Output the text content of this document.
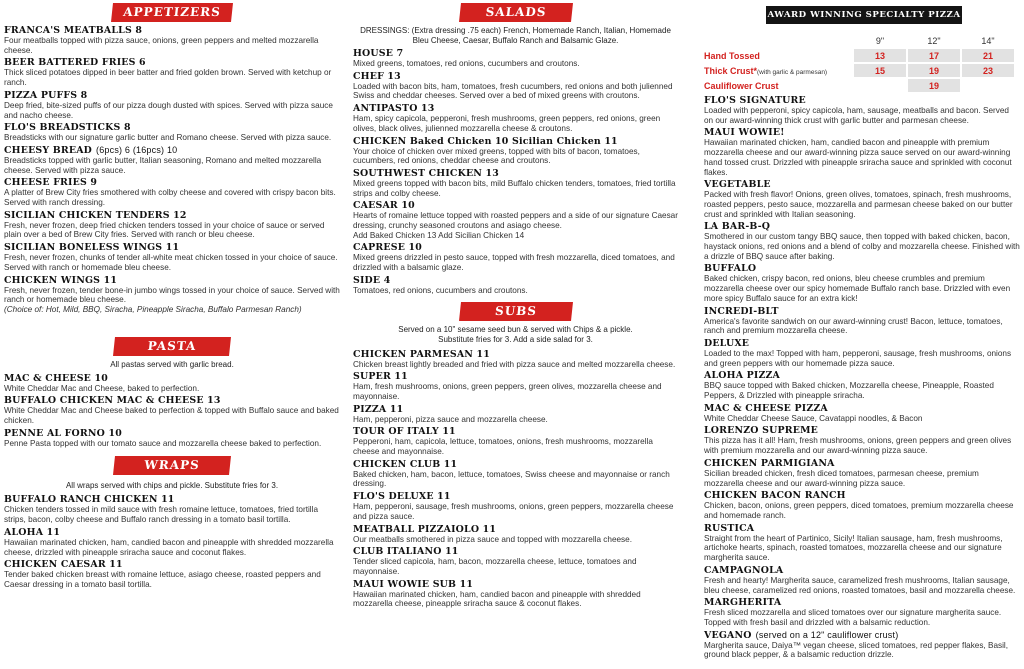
APPETIZERS
FRANCA'S MEATBALLS 8
Four meatballs topped with pizza sauce, onions, green peppers and melted mozzarella cheese.
BEER BATTERED FRIES 6
Thick sliced potatoes dipped in beer batter and fried golden brown. Served with ketchup or ranch.
PIZZA PUFFS 8
Deep fried, bite-sized puffs of our pizza dough dusted with spices. Served with pizza sauce and nacho cheese.
FLO'S BREADSTICKS 8
Breadsticks with our signature garlic butter and Romano cheese. Served with pizza sauce.
CHEESY BREAD (6pcs) 6 (16pcs) 10
Breadsticks topped with garlic butter, Italian seasoning, Romano and melted mozzarella cheese. Served with pizza sauce.
CHEESE FRIES 9
A platter of Brew City fries smothered with colby cheese and covered with crispy bacon bits. Served with ranch dressing.
SICILIAN CHICKEN TENDERS 12
Fresh, never frozen, deep fried chicken tenders tossed in your choice of sauce or served plain over a bed of Brew City fries. Served with ranch or bleu cheese.
SICILIAN BONELESS WINGS 11
Fresh, never frozen, chunks of tender all-white meat chicken tossed in your choice of sauce. Served with ranch or homemade bleu cheese.
CHICKEN WINGS 11
Fresh, never frozen, tender bone-in jumbo wings tossed in your choice of sauce. Served with ranch or homemade bleu cheese.
(Choice of: Hot, Mild, BBQ, Siracha, Pineapple Siracha, Buffalo Parmesan Ranch)
PASTA
All pastas served with garlic bread.
MAC & CHEESE 10
White Cheddar Mac and Cheese, baked to perfection.
BUFFALO CHICKEN MAC & CHEESE 13
White Cheddar Mac and Cheese baked to perfection & topped with Buffalo sauce and baked chicken.
PENNE AL FORNO 10
Penne Pasta topped with our tomato sauce and mozzarella cheese baked to perfection.
WRAPS
All wraps served with chips and pickle. Substitute fries for 3.
BUFFALO RANCH CHICKEN 11
Chicken tenders tossed in mild sauce with fresh romaine lettuce, tomatoes, fried tortilla strips, bacon, colby cheese and Buffalo ranch dressing in a tomato basil tortilla.
ALOHA 11
Hawaiian marinated chicken, ham, candied bacon and pineapple with shredded mozzarella cheese, drizzled with pineapple sriracha sauce and coconut flakes.
CHICKEN CAESAR 11
Tender baked chicken breast with romaine lettuce, asiago cheese, roasted peppers and Caesar dressing in a tomato basil tortilla.
SALADS
DRESSINGS: (Extra dressing .75 each) French, Homemade Ranch, Italian, Homemade Bleu Cheese, Caesar, Buffalo Ranch and Balsamic Glaze.
HOUSE 7
Mixed greens, tomatoes, red onions, cucumbers and croutons.
CHEF 13
Loaded with bacon bits, ham, tomatoes, fresh cucumbers, red onions and both julienned Swiss and cheddar cheeses. Served over a bed of mixed greens with croutons.
ANTIPASTO 13
Ham, spicy capicola, pepperoni, fresh mushrooms, green peppers, red onions, green olives, black olives, julienned mozzarella cheese & croutons.
CHICKEN Baked Chicken 10 Sicilian Chicken 11
Your choice of chicken over mixed greens, topped with bits of bacon, tomatoes, cucumbers, red onions, cheddar cheese and croutons.
SOUTHWEST CHICKEN 13
Mixed greens topped with bacon bits, mild Buffalo chicken tenders, tomatoes, fried tortilla strips and colby cheese.
CAESAR 10
Hearts of romaine lettuce topped with roasted peppers and a side of our signature Caesar dressing, crunchy seasoned croutons and asiago cheese.
Add Baked Chicken 13 Add Sicilian Chicken 14
CAPRESE 10
Mixed greens drizzled in pesto sauce, topped with fresh mozzarella, diced tomatoes, and drizzled with a balsamic glaze.
SIDE 4
Tomatoes, red onions, cucumbers and croutons.
SUBS
Served on a 10" sesame seed bun & served with Chips & a pickle. Substitute fries for 3. Add a side salad for 3.
CHICKEN PARMESAN 11
Chicken breast lightly breaded and fried with pizza sauce and melted mozzarella cheese.
SUPER 11
Ham, fresh mushrooms, onions, green peppers, green olives, mozzarella cheese and mayonnaise.
PIZZA 11
Ham, pepperoni, pizza sauce and mozzarella cheese.
TOUR OF ITALY 11
Pepperoni, ham, capicola, lettuce, tomatoes, onions, fresh mushrooms, mozzarella cheese and mayonnaise.
CHICKEN CLUB 11
Baked chicken, ham, bacon, lettuce, tomatoes, Swiss cheese and mayonnaise or ranch dressing.
FLO'S DELUXE 11
Ham, pepperoni, sausage, fresh mushrooms, onions, green peppers, mozzarella cheese and pizza sauce.
MEATBALL PIZZAIOLO 11
Our meatballs smothered in pizza sauce and topped with mozzarella cheese.
CLUB ITALIANO 11
Tender sliced capicola, ham, bacon, mozzarella cheese, lettuce, tomatoes and mayonnaise.
MAUI WOWIE SUB 11
Hawaiian marinated chicken, ham, candied bacon and pineapple with shredded mozzarella cheese, pineapple sriracha sauce & coconut flakes.
AWARD WINNING SPECIALTY PIZZA
	9"	12"	14"
Hand Tossed	13	17	21
Thick Crust*(with garlic & parmesan)	15	19	23
Cauliflower Crust		19	
FLO'S SIGNATURE
Loaded with pepperoni, spicy capicola, ham, sausage, meatballs and bacon. Served on our award-winning thick crust with garlic butter and parmesan cheese.
MAUI WOWIE!
Hawaiian marinated chicken, ham, candied bacon and pineapple with premium mozzarella cheese and our award-winning pizza sauce served on our award-winning hand tossed crust. Drizzled with pineapple sriracha sauce and sprinkled with coconut flakes.
VEGETABLE
Packed with fresh flavor! Onions, green olives, tomatoes, spinach, fresh mushrooms, roasted peppers, pesto sauce, mozzarella and parmesan cheese baked on our butter crust and sprinkled with Italian seasoning.
LA BAR-B-Q
Smothered in our custom tangy BBQ sauce, then topped with baked chicken, bacon, haystack onions, red onions and a blend of colby and mozzarella cheese. Finished with a drizzle of BBQ sauce after baking.
BUFFALO
Baked chicken, crispy bacon, red onions, bleu cheese crumbles and premium mozzarella cheese over our spicy homemade Buffalo ranch base. Drizzled with even more spicy Buffalo sauce for an extra kick!
INCREDI-BLT
America's favorite sandwich on our award-winning crust! Bacon, lettuce, tomatoes, ranch and premium mozzarella cheese.
DELUXE
Loaded to the max! Topped with ham, pepperoni, sausage, fresh mushrooms, onions and green peppers with our homemade pizza sauce.
ALOHA PIZZA
BBQ sauce topped with Baked chicken, Mozzarella cheese, Pineapple, Roasted Peppers, & Drizzled with pineapple sriracha.
MAC & CHEESE PIZZA
White Cheddar Cheese Sauce, Cavatappi noodles, & Bacon
LORENZO SUPREME
This pizza has it all! Ham, fresh mushrooms, onions, green peppers and green olives with premium mozzarella and our award-winning pizza sauce.
CHICKEN PARMIGIANA
Sicilian breaded chicken, fresh diced tomatoes, parmesan cheese, premium mozzarella cheese and our award-winning pizza sauce.
CHICKEN BACON RANCH
Chicken, bacon, onions, green peppers, diced tomatoes, premium mozzarella cheese and homemade ranch.
RUSTICA
Straight from the heart of Partinico, Sicily! Italian sausage, ham, fresh mushrooms, artichoke hearts, spinach, roasted tomatoes, mozzarella cheese and our signature margherita sauce.
CAMPAGNOLA
Fresh and hearty! Margherita sauce, caramelized fresh mushrooms, Italian sausage, bleu cheese, caramelized red onions, roasted tomatoes, basil and mozzarella cheese.
MARGHERITA
Fresh sliced mozzarella and sliced tomatoes over our signature margherita sauce. Topped with fresh basil and drizzled with a balsamic reduction.
VEGANO (served on a 12" cauliflower crust)
Margherita sauce, Daiya™ vegan cheese, sliced tomatoes, red pepper flakes, Basil, ground black pepper, & a balsamic reduction drizzle.
